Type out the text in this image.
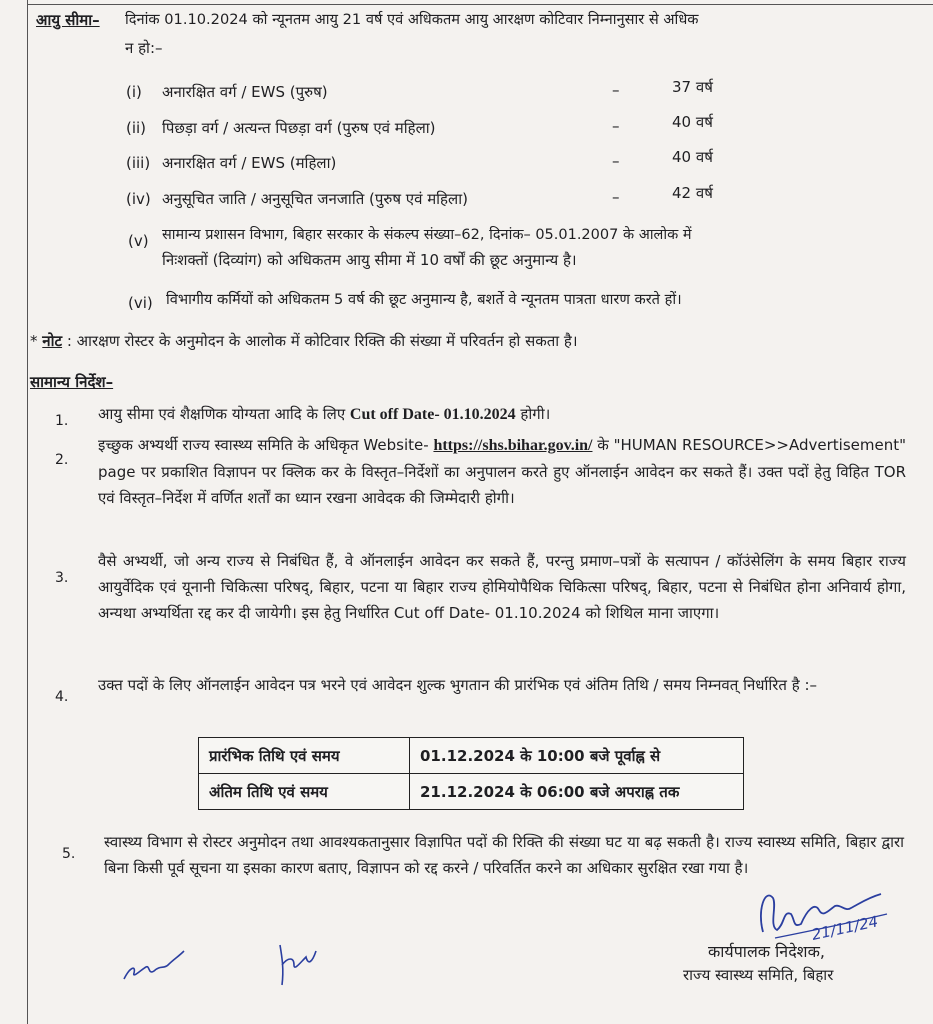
आयु सीमा– दिनांक 01.10.2024 को न्यूनतम आयु 21 वर्ष एवं अधिकतम आयु आरक्षण कोटिवार निम्नानुसार से अधिक
न हो:–
(i) अनारक्षित वर्ग / EWS (पुरुष)	–	37 वर्ष
(ii) पिछड़ा वर्ग / अत्यन्त पिछड़ा वर्ग (पुरुष एवं महिला)	–	40 वर्ष
(iii) अनारक्षित वर्ग / EWS (महिला)	–	40 वर्ष
(iv) अनुसूचित जाति / अनुसूचित जनजाति (पुरुष एवं महिला)	–	42 वर्ष
(v) सामान्य प्रशासन विभाग, बिहार सरकार के संकल्प संख्या–62, दिनांक– 05.01.2007 के आलोक में
निःशक्तों (दिव्यांग) को अधिकतम आयु सीमा में 10 वर्षों की छूट अनुमान्य है।
(vi) विभागीय कर्मियों को अधिकतम 5 वर्ष की छूट अनुमान्य है, बशर्ते वे न्यूनतम पात्रता धारण करते हों।
* नोट : आरक्षण रोस्टर के अनुमोदन के आलोक में कोटिवार रिक्ति की संख्या में परिवर्तन हो सकता है।
सामान्य निर्देश–
1. आयु सीमा एवं शैक्षणिक योग्यता आदि के लिए Cut off Date- 01.10.2024 होगी।
2.
इच्छुक अभ्यर्थी राज्य स्वास्थ्य समिति के अधिकृत Website- https://shs.bihar.gov.in/ के "HUMAN RESOURCE>>Advertisement" page पर प्रकाशित विज्ञापन पर क्लिक कर के विस्तृत–निर्देशों का अनुपालन करते हुए ऑनलाईन आवेदन कर सकते हैं। उक्त पदों हेतु विहित TOR एवं विस्तृत–निर्देश में वर्णित शर्तों का ध्यान रखना आवेदक की जिम्मेदारी होगी।
3.
वैसे अभ्यर्थी, जो अन्य राज्य से निबंधित हैं, वे ऑनलाईन आवेदन कर सकते हैं, परन्तु प्रमाण–पत्रों के सत्यापन / कॉउंसेलिंग के समय बिहार राज्य आयुर्वेदिक एवं यूनानी चिकित्सा परिषद्, बिहार, पटना या बिहार राज्य होमियोपैथिक चिकित्सा परिषद्, बिहार, पटना से निबंधित होना अनिवार्य होगा, अन्यथा अभ्यर्थिता रद्द कर दी जायेगी। इस हेतु निर्धारित Cut off Date- 01.10.2024 को शिथिल माना जाएगा।
4.
उक्त पदों के लिए ऑनलाईन आवेदन पत्र भरने एवं आवेदन शुल्क भुगतान की प्रारंभिक एवं अंतिम तिथि / समय निम्नवत् निर्धारित है :–
प्रारंभिक तिथि एवं समय	01.12.2024 के 10:00 बजे पूर्वाह्न से
अंतिम तिथि एवं समय	21.12.2024 के 06:00 बजे अपराह्न तक
5.
स्वास्थ्य विभाग से रोस्टर अनुमोदन तथा आवश्यकतानुसार विज्ञापित पदों की रिक्ति की संख्या घट या बढ़ सकती है। राज्य स्वास्थ्य समिति, बिहार द्वारा बिना किसी पूर्व सूचना या इसका कारण बताए, विज्ञापन को रद्द करने / परिवर्तित करने का अधिकार सुरक्षित रखा गया है।
21/11/24
कार्यपालक निदेशक,
राज्य स्वास्थ्य समिति, बिहार
